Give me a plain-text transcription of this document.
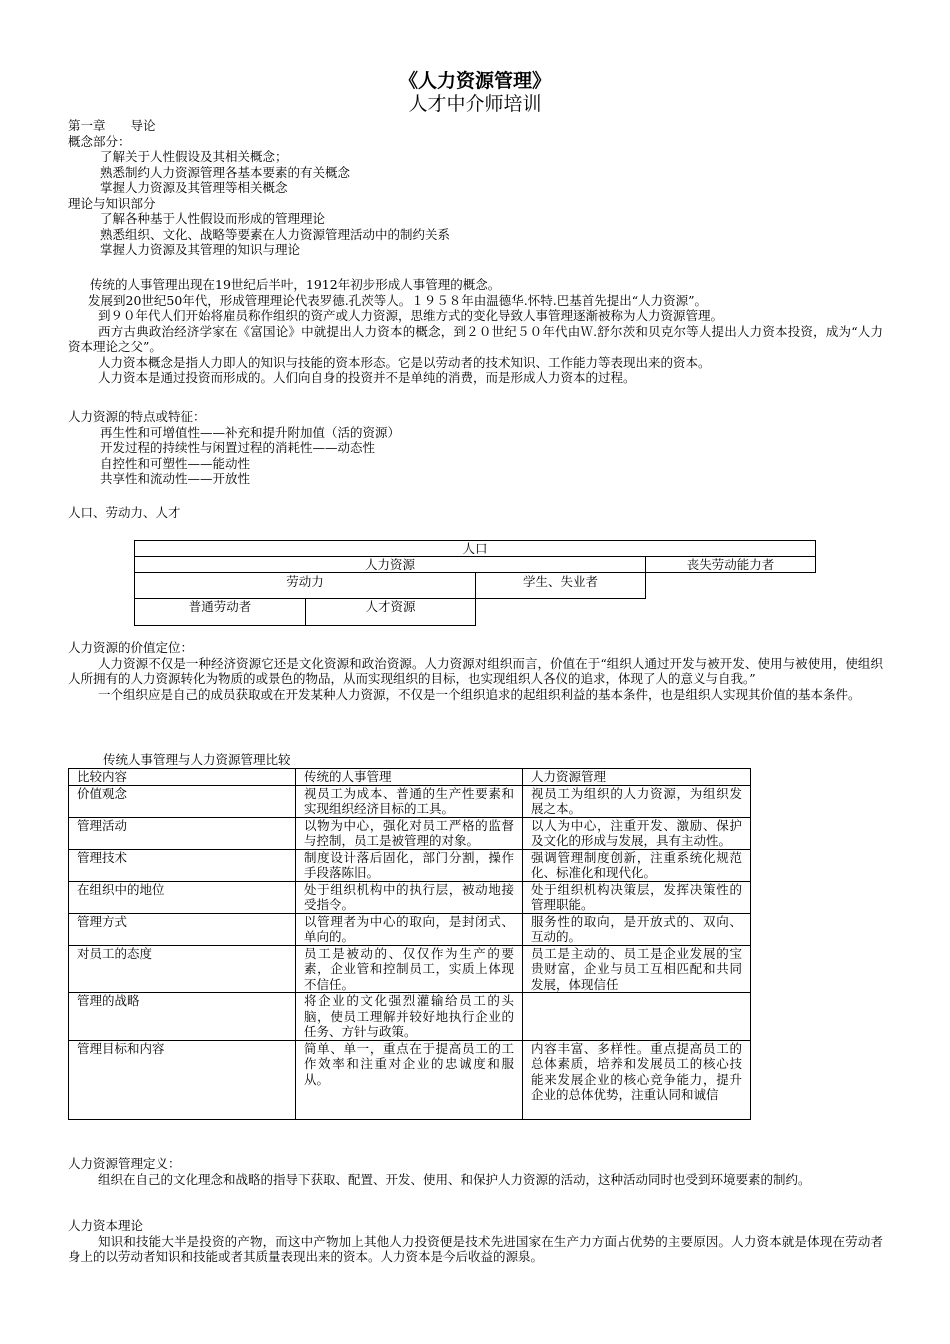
《人力资源管理》
人才中介师培训
第一章　　导论
概念部分：
了解关于人性假设及其相关概念；
熟悉制约人力资源管理各基本要素的有关概念
掌握人力资源及其管理等相关概念
理论与知识部分
了解各种基于人性假设而形成的管理理论
熟悉组织、文化、战略等要素在人力资源管理活动中的制约关系
掌握人力资源及其管理的知识与理论
传统的人事管理出现在19世纪后半叶，1912年初步形成人事管理的概念。
发展到20世纪50年代，形成管理理论代表罗德.孔茨等人。１９５８年由温德华.怀特.巴基首先提出“人力资源”。
到９０年代人们开始将雇员称作组织的资产或人力资源，思维方式的变化导致人事管理逐渐被称为人力资源管理。
西方古典政治经济学家在《富国论》中就提出人力资本的概念，到２０世纪５０年代由Ｗ.舒尔茨和贝克尔等人提出人力资本投资，成为“人力资本理论之父”。
人力资本概念是指人力即人的知识与技能的资本形态。它是以劳动者的技术知识、工作能力等表现出来的资本。
人力资本是通过投资而形成的。人们向自身的投资并不是单纯的消费，而是形成人力资本的过程。
人力资源的特点或特征：
再生性和可增值性——补充和提升附加值（活的资源）
开发过程的持续性与闲置过程的消耗性——动态性
自控性和可塑性——能动性
共享性和流动性——开放性
人口、劳动力、人才
人口
人力资源	丧失劳动能力者
劳动力	学生、失业者
普通劳动者	人才资源
人力资源的价值定位：
人力资源不仅是一种经济资源它还是文化资源和政治资源。人力资源对组织而言，价值在于“组织人通过开发与被开发、使用与被使用，使组织人所拥有的人力资源转化为物质的或景色的物品，从而实现组织的目标，也实现组织人各仪的追求，体现了人的意义与自我。”
一个组织应是自己的成员获取或在开发某种人力资源，不仅是一个组织追求的起组织利益的基本条件，也是组织人实现其价值的基本条件。
传统人事管理与人力资源管理比较
比较内容	传统的人事管理	人力资源管理
价值观念	视员工为成本、普通的生产性要素和实现组织经济目标的工具。	视员工为组织的人力资源，为组织发展之本。
管理活动	以物为中心，强化对员工严格的监督与控制，员工是被管理的对象。	以人为中心，注重开发、激励、保护及文化的形成与发展，具有主动性。
管理技术	制度设计落后固化，部门分割，操作手段落陈旧。	强调管理制度创新，注重系统化规范化、标准化和现代化。
在组织中的地位	处于组织机构中的执行层，被动地接受指令。	处于组织机构决策层，发挥决策性的管理职能。
管理方式	以管理者为中心的取向，是封闭式、单向的。	服务性的取向，是开放式的、双向、互动的。
对员工的态度	员工是被动的、仅仅作为生产的要素，企业管和控制员工，实质上体现不信任。	员工是主动的、员工是企业发展的宝贵财富，企业与员工互相匹配和共同发展，体现信任
管理的战略	将企业的文化强烈灌输给员工的头脑，使员工理解并较好地执行企业的任务、方针与政策。	
管理目标和内容	简单、单一，重点在于提高员工的工作效率和注重对企业的忠诚度和服从。	内容丰富、多样性。重点提高员工的总体素质，培养和发展员工的核心技能来发展企业的核心竞争能力，提升企业的总体优势，注重认同和诚信
人力资源管理定义：
组织在自己的文化理念和战略的指导下获取、配置、开发、使用、和保护人力资源的活动，这种活动同时也受到环境要素的制约。
人力资本理论
知识和技能大半是投资的产物，而这中产物加上其他人力投资便是技术先进国家在生产力方面占优势的主要原因。人力资本就是体现在劳动者身上的以劳动者知识和技能或者其质量表现出来的资本。人力资本是今后收益的源泉。
